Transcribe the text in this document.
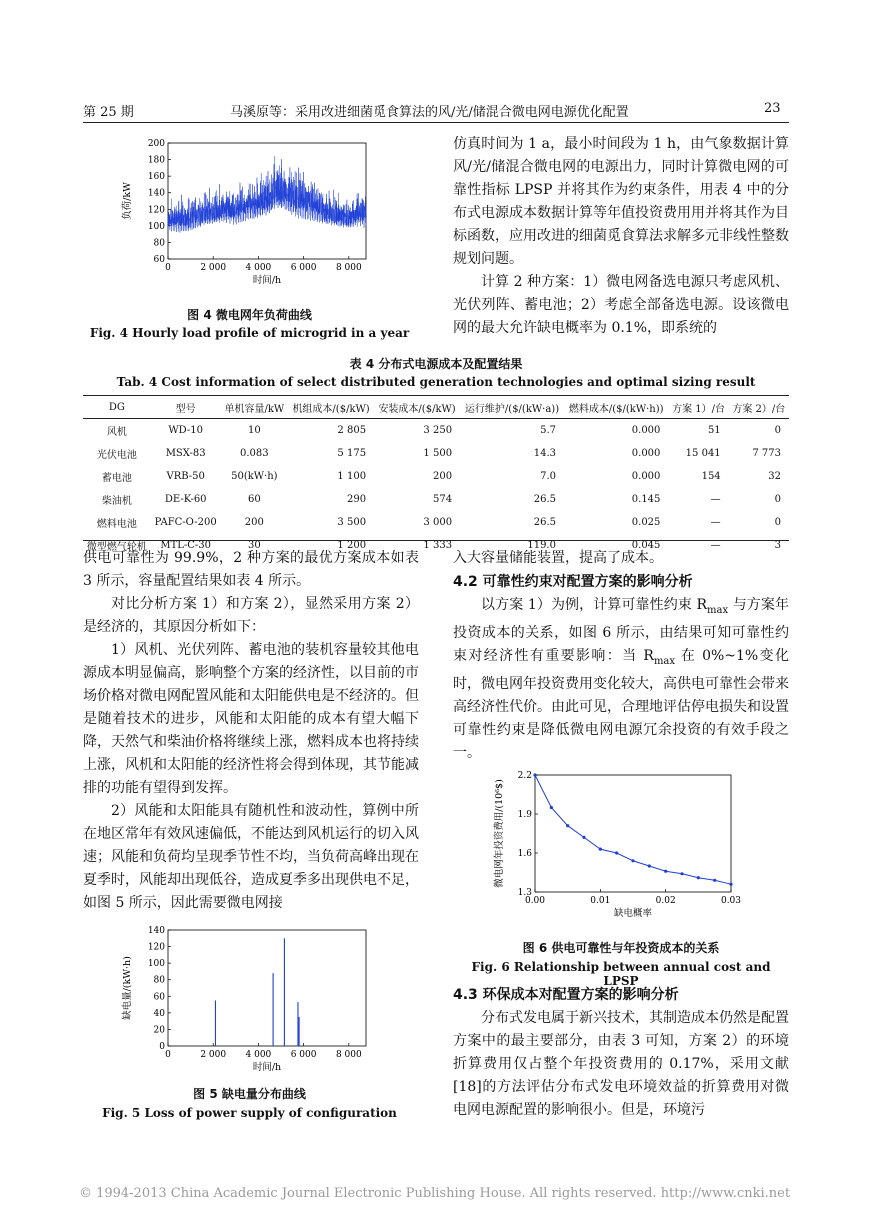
第 25 期	马溪原等：采用改进细菌觅食算法的风/光/储混合微电网电源优化配置	23
0	2 000 4 000 6 000 8 000
60
80
100
120
140
160
180
200
时间/h
负荷/kW
图 4 微电网年负荷曲线
Fig. 4 Hourly load profile of microgrid in a year

仿真时间为 1 a，最小时间段为 1 h，由气象数据计算风/光/储混合微电网的电源出力，同时计算微电网的可靠性指标 LPSP 并将其作为约束条件，用表 4 中的分布式电源成本数据计算等年值投资费用用并将其作为目标函数，应用改进的细菌觅食算法求解多元非线性整数规划问题。

计算 2 种方案：1）微电网备选电源只考虑风机、光伏列阵、蓄电池；2）考虑全部备选电源。设该微电网的最大允许缺电概率为 0.1%，即系统的

表 4 分布式电源成本及配置结果
Tab. 4 Cost information of select distributed generation technologies and optimal sizing result
DG	型号	单机容量/kW	机组成本/($/kW)	安装成本/($/kW)	运行维护/($/(kW·a))	燃料成本/($/(kW·h))	方案 1）/台	方案 2）/台
风机	WD-10	10	2 805	3 250	5.7	0.000	51	0
光伏电池	MSX-83	0.083	5 175	1 500	14.3	0.000	15 041	7 773
蓄电池	VRB-50	50(kW·h)	1 100	200	7.0	0.000	154	32
柴油机	DE-K-60	60	290	574	26.5	0.145	—	0
燃料电池	PAFC-O-200	200	3 500	3 000	26.5	0.025	—	0
微型燃气轮机	MTL-C-30	30	1 200	1 333	119.0	0.045	—	3

供电可靠性为 99.9%，2 种方案的最优方案成本如表 3 所示，容量配置结果如表 4 所示。

对比分析方案 1）和方案 2），显然采用方案 2）是经济的，其原因分析如下：

1）风机、光伏列阵、蓄电池的装机容量较其他电源成本明显偏高，影响整个方案的经济性，以目前的市场价格对微电网配置风能和太阳能供电是不经济的。但是随着技术的进步，风能和太阳能的成本有望大幅下降，天然气和柴油价格将继续上涨，燃料成本也将持续上涨，风机和太阳能的经济性将会得到体现，其节能减排的功能有望得到发挥。

2）风能和太阳能具有随机性和波动性，算例中所在地区常年有效风速偏低，不能达到风机运行的切入风速；风能和负荷均呈现季节性不均，当负荷高峰出现在夏季时，风能却出现低谷，造成夏季多出现供电不足，如图 5 所示，因此需要微电网接

0	2 000 4 000 6 000 8 000
0
20
40
60
80
100
120
140
时间/h
缺电量/(kW·h)
图 5 缺电量分布曲线
Fig. 5 Loss of power supply of configuration

入大容量储能装置，提高了成本。

4.2 可靠性约束对配置方案的影响分析

以方案 1）为例，计算可靠性约束 $R_{max}$ 与方案年投资成本的关系，如图 6 所示，由结果可知可靠性约束对经济性有重要影响：当 $R_{max}$ 在 0%~1%变化时，微电网年投资费用变化较大，高供电可靠性会带来高经济性代价。由此可见，合理地评估停电损失和设置可靠性约束是降低微电网电源冗余投资的有效手段之一。

0.00	0.01	0.02	0.03
1.3
1.6
1.9
2.2
缺电概率
微电网年投资费用/(10⁶$)
图 6 供电可靠性与年投资成本的关系
Fig. 6 Relationship between annual cost and LPSP
4.3 环保成本对配置方案的影响分析

分布式发电属于新兴技术，其制造成本仍然是配置方案中的最主要部分，由表 3 可知，方案 2）的环境折算费用仅占整个年投资费用的 0.17%，采用文献[18]的方法评估分布式发电环境效益的折算费用对微电网电源配置的影响很小。但是，环境污

© 1994-2013 China Academic Journal Electronic Publishing House. All rights reserved. http://www.cnki.net
